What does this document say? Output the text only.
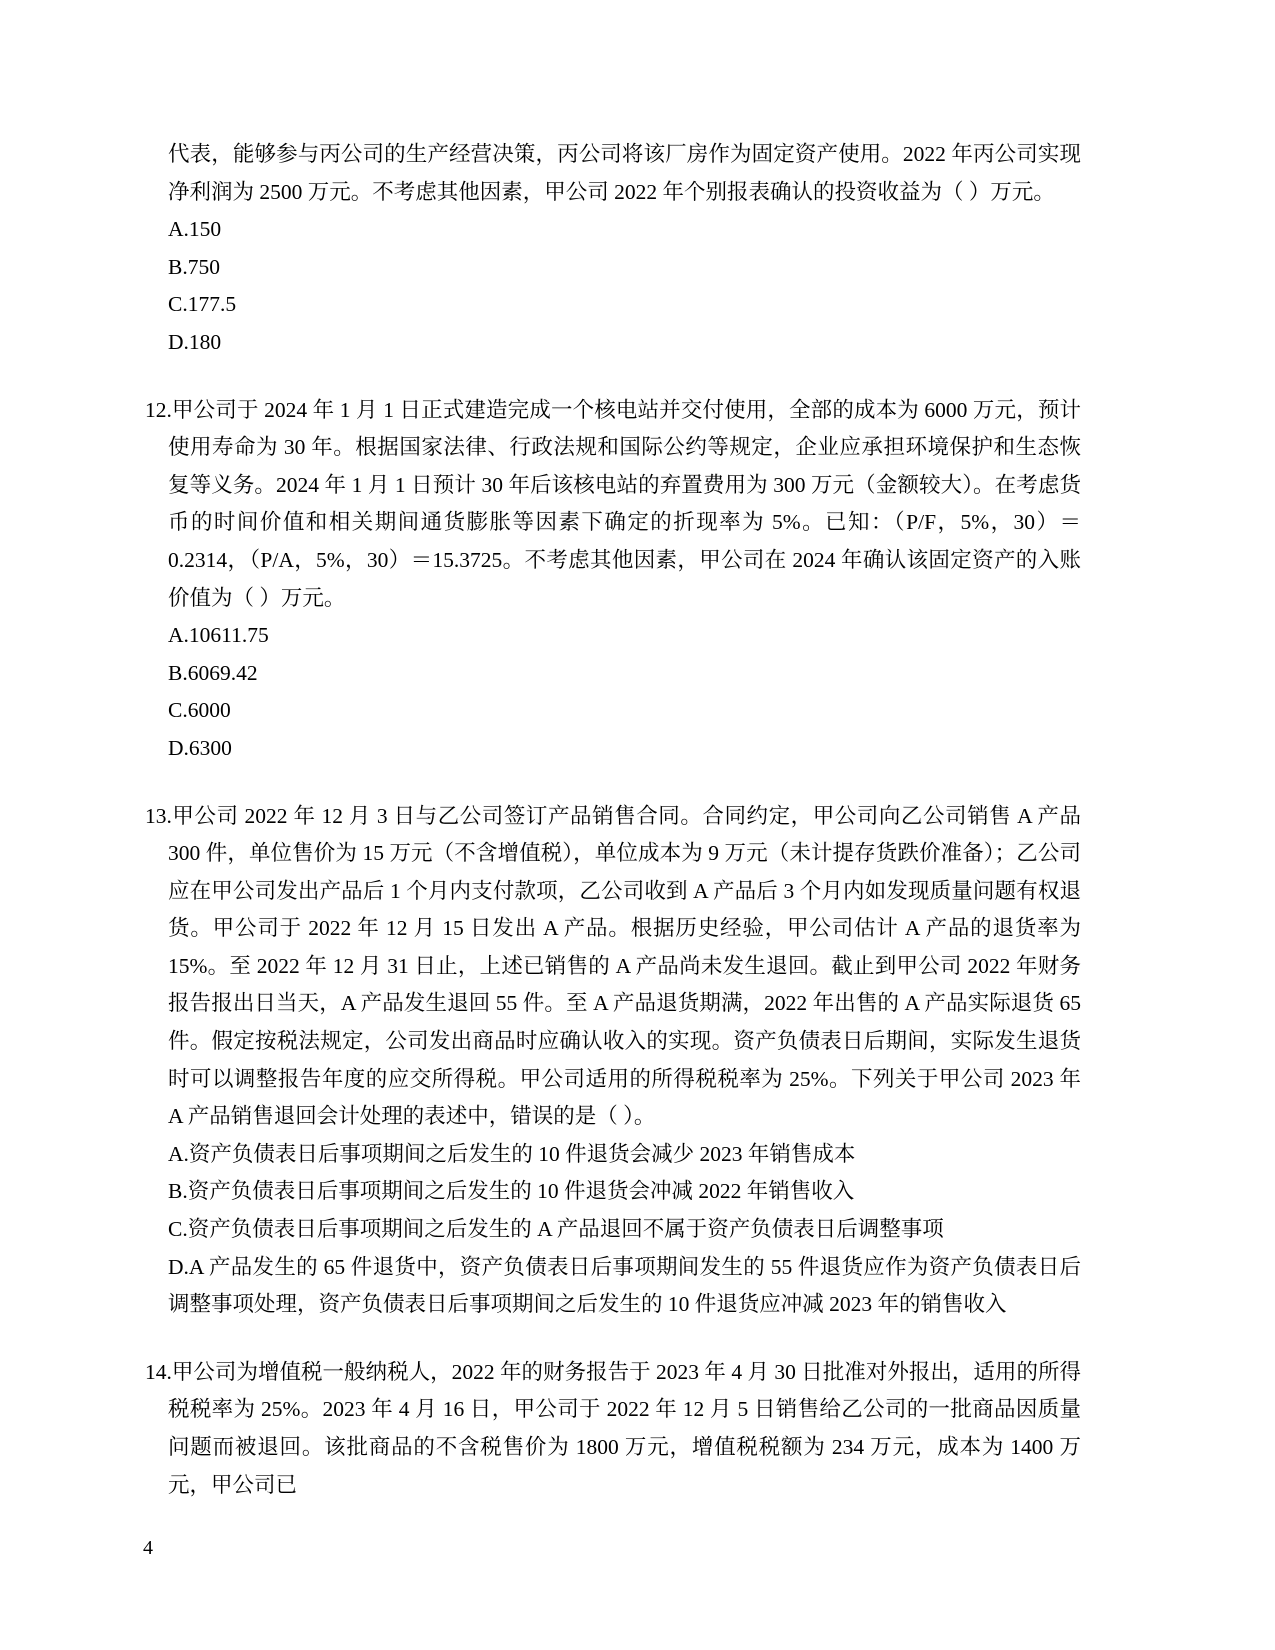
代表，能够参与丙公司的生产经营决策，丙公司将该厂房作为固定资产使用。2022 年丙公司实现净利润为 2500 万元。不考虑其他因素，甲公司 2022 年个别报表确认的投资收益为（ ）万元。

A.150

B.750

C.177.5

D.180

12.甲公司于 2024 年 1 月 1 日正式建造完成一个核电站并交付使用，全部的成本为 6000 万元，预计使用寿命为 30 年。根据国家法律、行政法规和国际公约等规定，企业应承担环境保护和生态恢复等义务。2024 年 1 月 1 日预计 30 年后该核电站的弃置费用为 300 万元（金额较大）。在考虑货币的时间价值和相关期间通货膨胀等因素下确定的折现率为 5%。已知：（P/F，5%，30）＝0.2314，（P/A，5%，30）＝15.3725。不考虑其他因素，甲公司在 2024 年确认该固定资产的入账价值为（ ）万元。

A.10611.75

B.6069.42

C.6000

D.6300

13.甲公司 2022 年 12 月 3 日与乙公司签订产品销售合同。合同约定，甲公司向乙公司销售 A 产品 300 件，单位售价为 15 万元（不含增值税），单位成本为 9 万元（未计提存货跌价准备）；乙公司应在甲公司发出产品后 1 个月内支付款项，乙公司收到 A 产品后 3 个月内如发现质量问题有权退货。甲公司于 2022 年 12 月 15 日发出 A 产品。根据历史经验，甲公司估计 A 产品的退货率为 15%。至 2022 年 12 月 31 日止，上述已销售的 A 产品尚未发生退回。截止到甲公司 2022 年财务报告报出日当天，A 产品发生退回 55 件。至 A 产品退货期满，2022 年出售的 A 产品实际退货 65 件。假定按税法规定，公司发出商品时应确认收入的实现。资产负债表日后期间，实际发生退货时可以调整报告年度的应交所得税。甲公司适用的所得税税率为 25%。下列关于甲公司 2023 年 A 产品销售退回会计处理的表述中，错误的是（ ）。

A.资产负债表日后事项期间之后发生的 10 件退货会减少 2023 年销售成本

B.资产负债表日后事项期间之后发生的 10 件退货会冲减 2022 年销售收入

C.资产负债表日后事项期间之后发生的 A 产品退回不属于资产负债表日后调整事项

D.A 产品发生的 65 件退货中，资产负债表日后事项期间发生的 55 件退货应作为资产负债表日后调整事项处理，资产负债表日后事项期间之后发生的 10 件退货应冲减 2023 年的销售收入

14.甲公司为增值税一般纳税人，2022 年的财务报告于 2023 年 4 月 30 日批准对外报出，适用的所得税税率为 25%。2023 年 4 月 16 日，甲公司于 2022 年 12 月 5 日销售给乙公司的一批商品因质量问题而被退回。该批商品的不含税售价为 1800 万元，增值税税额为 234 万元，成本为 1400 万元，甲公司已

4
